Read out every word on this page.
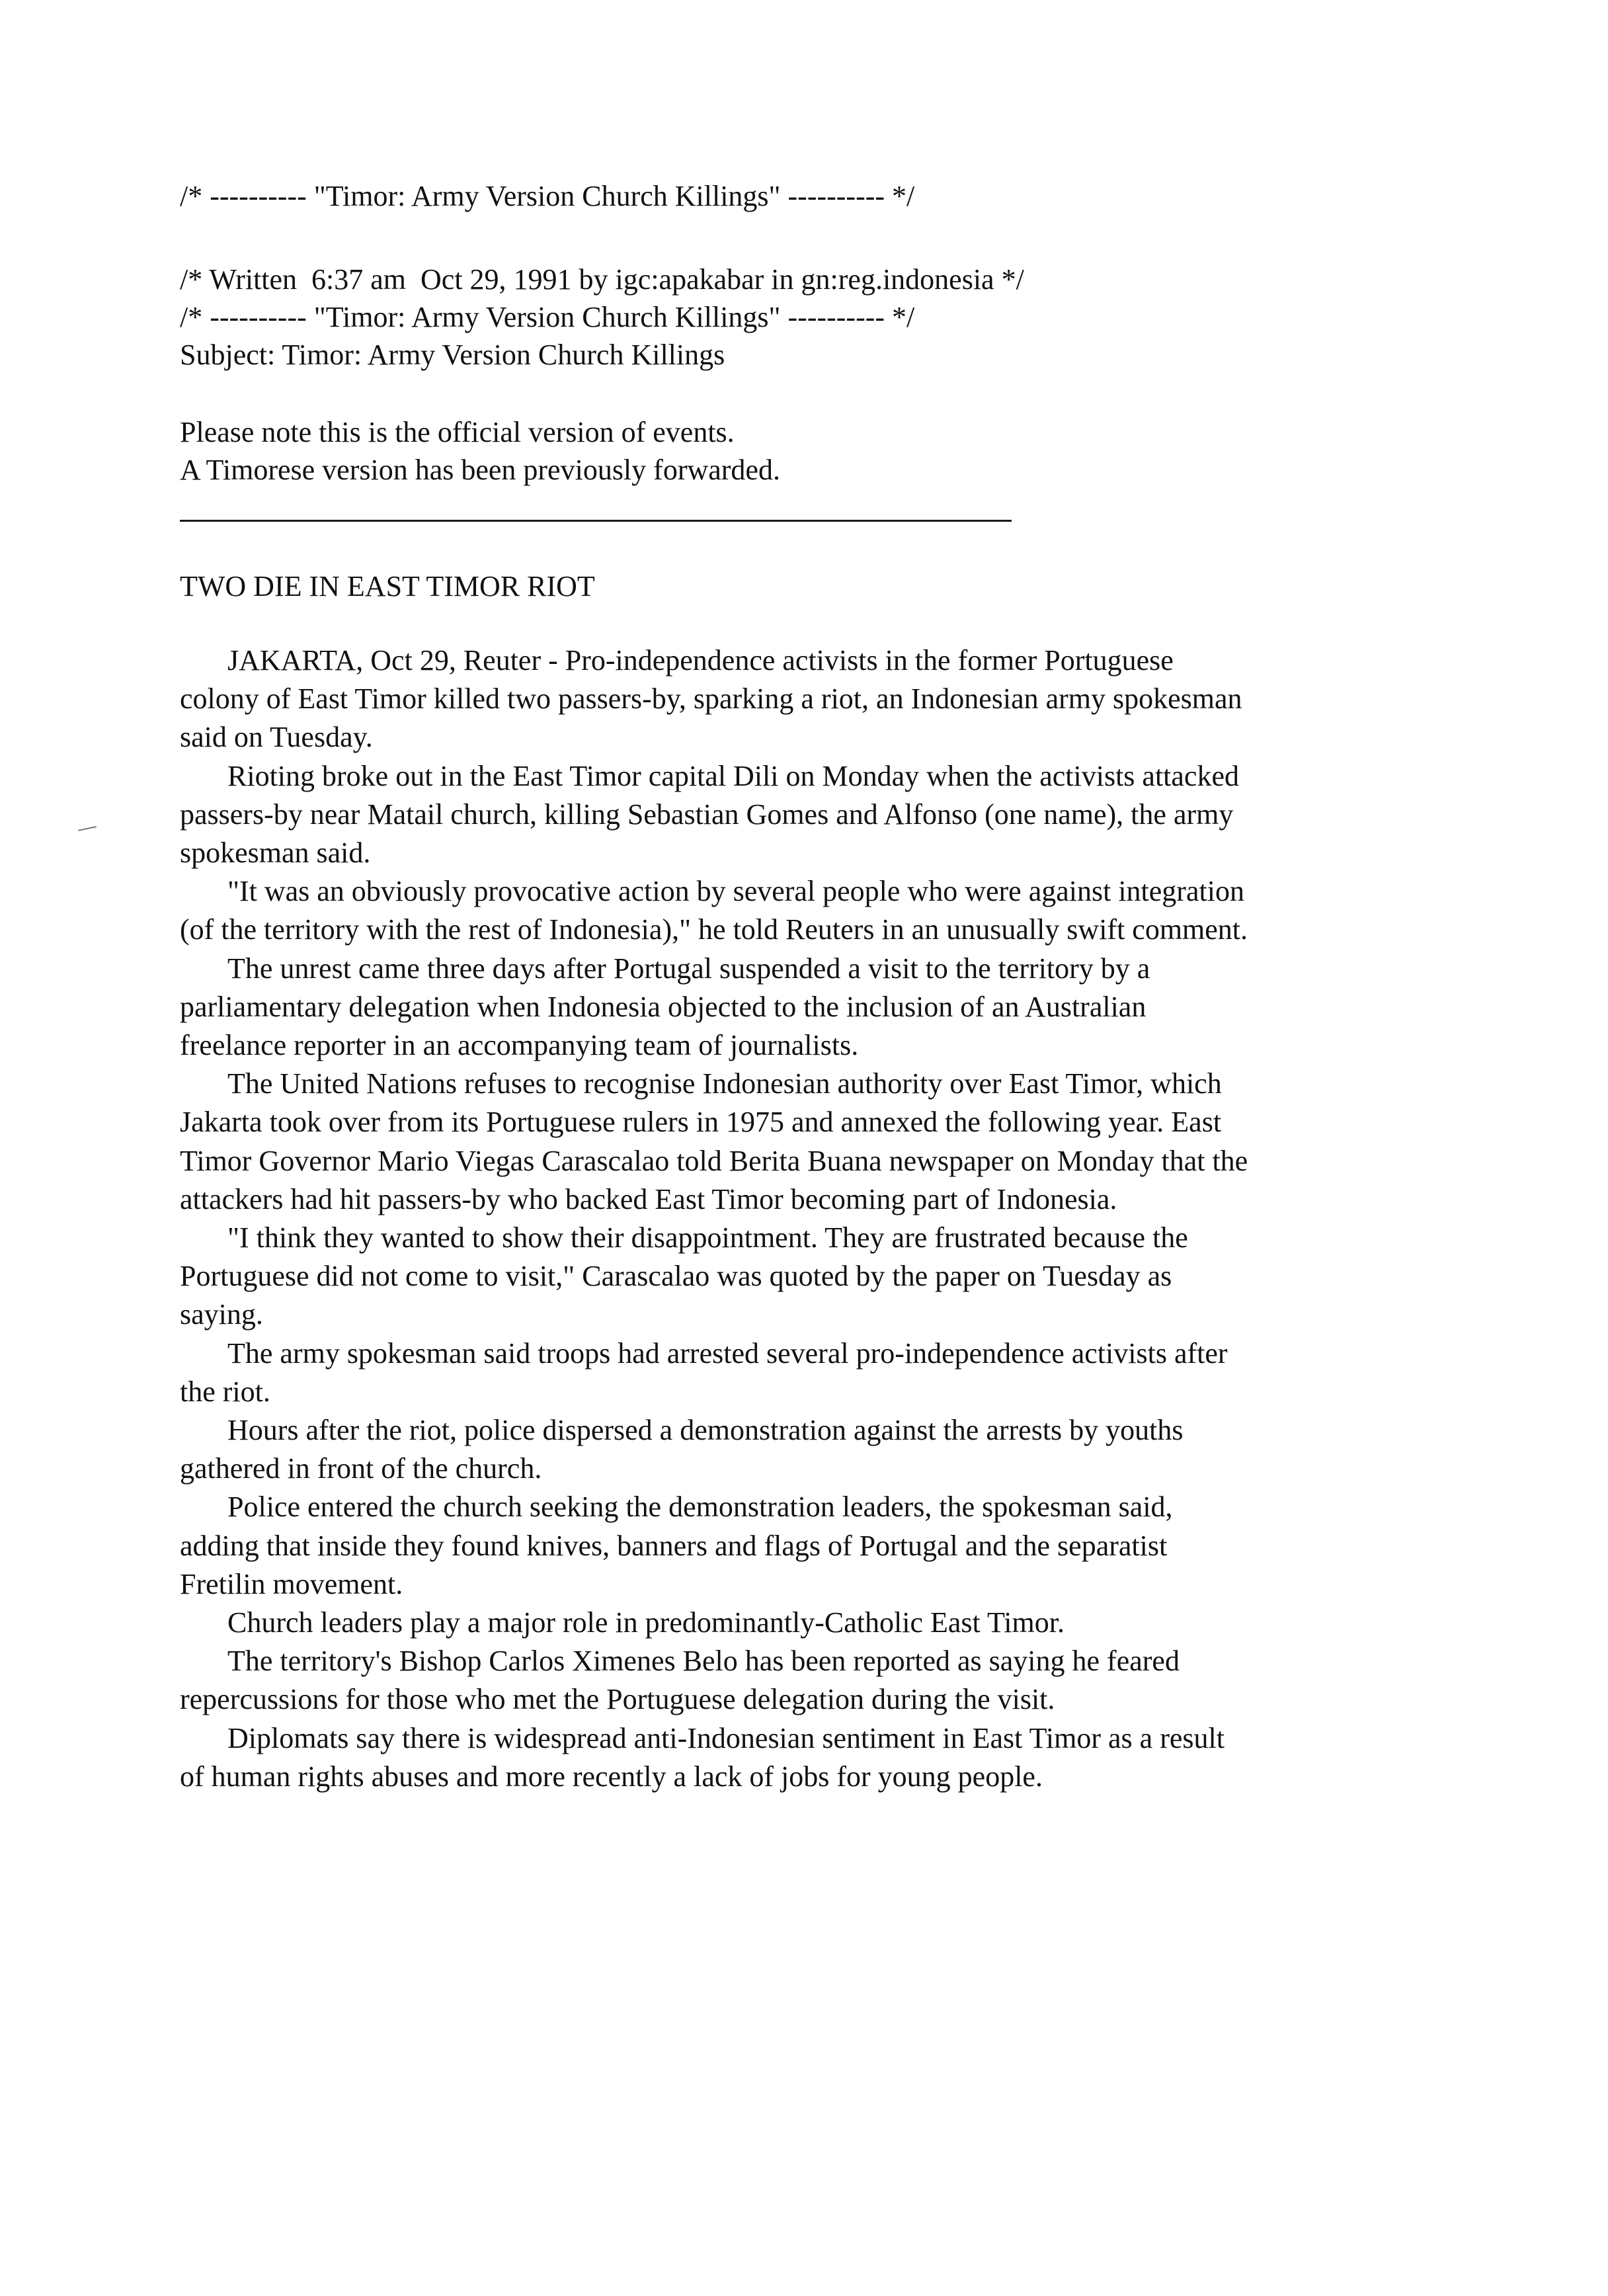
/* ---------- "Timor: Army Version Church Killings" ---------- */
/* Written  6:37 am  Oct 29, 1991 by igc:apakabar in gn:reg.indonesia */
/* ---------- "Timor: Army Version Church Killings" ---------- */
Subject: Timor: Army Version Church Killings
Please note this is the official version of events.
A Timorese version has been previously forwarded.
TWO DIE IN EAST TIMOR RIOT

JAKARTA, Oct 29, Reuter - Pro-independence activists in the former Portuguese colony of East Timor killed two passers-by, sparking a riot, an Indonesian army spokesman said on Tuesday.

Rioting broke out in the East Timor capital Dili on Monday when the activists attacked passers-by near Matail church, killing Sebastian Gomes and Alfonso (one name), the army spokesman said.

"It was an obviously provocative action by several people who were against integration (of the territory with the rest of Indonesia)," he told Reuters in an unusually swift comment.

The unrest came three days after Portugal suspended a visit to the territory by a parliamentary delegation when Indonesia objected to the inclusion of an Australian freelance reporter in an accompanying team of journalists.

The United Nations refuses to recognise Indonesian authority over East Timor, which Jakarta took over from its Portuguese rulers in 1975 and annexed the following year. East Timor Governor Mario Viegas Carascalao told Berita Buana newspaper on Monday that the attackers had hit passers-by who backed East Timor becoming part of Indonesia.

"I think they wanted to show their disappointment. They are frustrated because the Portuguese did not come to visit," Carascalao was quoted by the paper on Tuesday as saying.

The army spokesman said troops had arrested several pro-independence activists after the riot.

Hours after the riot, police dispersed a demonstration against the arrests by youths gathered in front of the church.

Police entered the church seeking the demonstration leaders, the spokesman said, adding that inside they found knives, banners and flags of Portugal and the separatist Fretilin movement.

Church leaders play a major role in predominantly-Catholic East Timor.

The territory's Bishop Carlos Ximenes Belo has been reported as saying he feared repercussions for those who met the Portuguese delegation during the visit.

Diplomats say there is widespread anti-Indonesian sentiment in East Timor as a result of human rights abuses and more recently a lack of jobs for young people.
